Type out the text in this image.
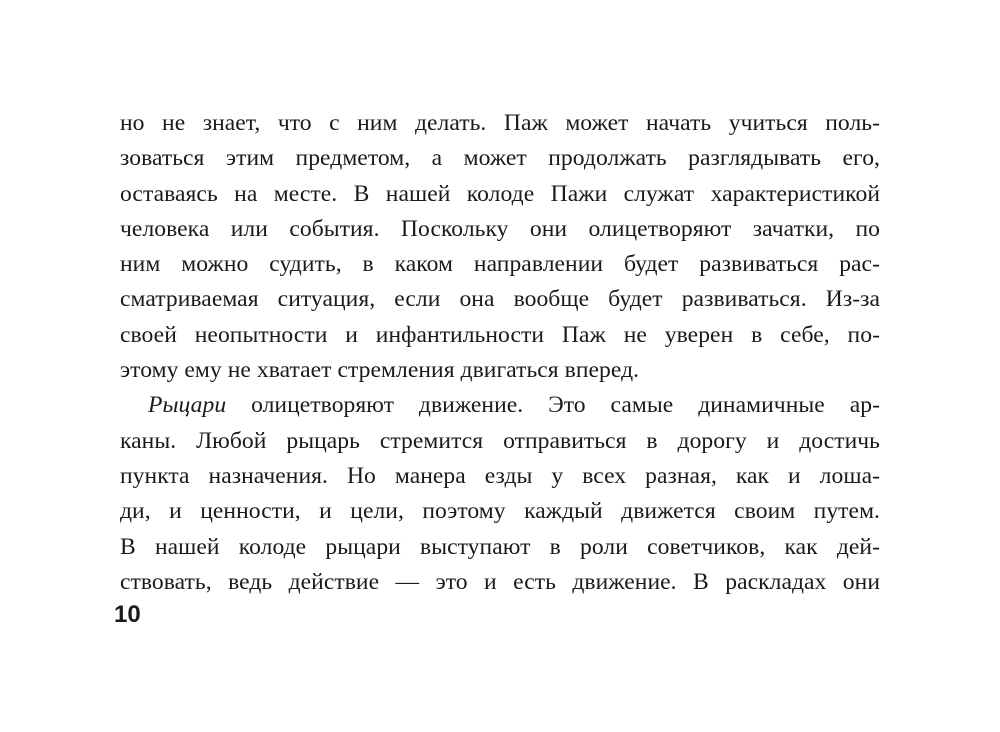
но не знает, что с ним делать. Паж может начать учиться поль-
зоваться этим предметом, а может продолжать разглядывать его,
оставаясь на месте. В нашей колоде Пажи служат характеристикой
человека или события. Поскольку они олицетворяют зачатки, по
ним можно судить, в каком направлении будет развиваться рас-
сматриваемая ситуация, если она вообще будет развиваться. Из-за
своей неопытности и инфантильности Паж не уверен в себе, по-
этому ему не хватает стремления двигаться вперед.
Рыцари олицетворяют движение. Это самые динамичные ар-
каны. Любой рыцарь стремится отправиться в дорогу и достичь
пункта назначения. Но манера езды у всех разная, как и лоша-
ди, и ценности, и цели, поэтому каждый движется своим путем.
В нашей колоде рыцари выступают в роли советчиков, как дей-
ствовать, ведь действие — это и есть движение. В раскладах они
10
